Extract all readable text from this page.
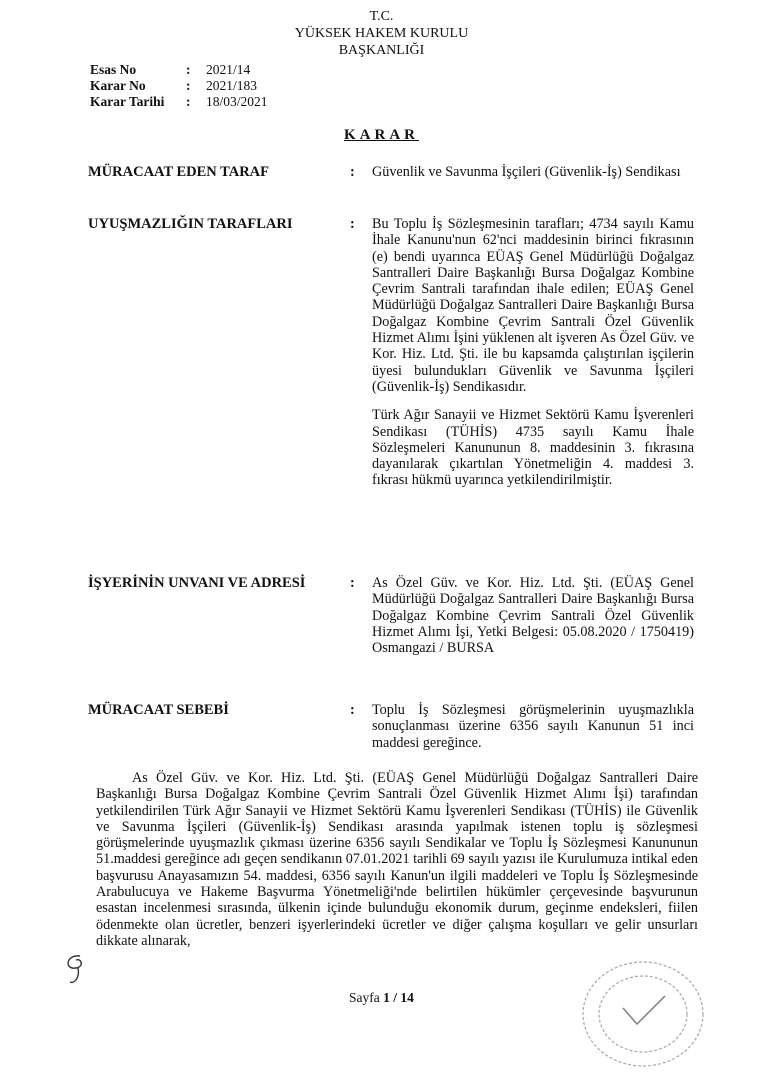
T.C.
YÜKSEK HAKEM KURULU
BAŞKANLIĞI
Esas No	:	2021/14
Karar No	:	2021/183
Karar Tarihi	:	18/03/2021
KARAR
MÜRACAAT EDEN TARAF	:	Güvenlik ve Savunma İşçileri (Güvenlik-İş) Sendikası

UYUŞMAZLIĞIN TARAFLARI	:	Bu Toplu İş Sözleşmesinin tarafları; 4734 sayılı Kamu İhale Kanunu'nun 62'nci maddesinin birinci fıkrasının (e) bendi uyarınca EÜAŞ Genel Müdürlüğü Doğalgaz Santralleri Daire Başkanlığı Bursa Doğalgaz Kombine Çevrim Santrali tarafından ihale edilen; EÜAŞ Genel Müdürlüğü Doğalgaz Santralleri Daire Başkanlığı Bursa Doğalgaz Kombine Çevrim Santrali Özel Güvenlik Hizmet Alımı İşini yüklenen alt işveren As Özel Güv. ve Kor. Hiz. Ltd. Şti. ile bu kapsamda çalıştırılan işçilerin üyesi bulundukları Güvenlik ve Savunma İşçileri (Güvenlik-İş) Sendikasıdır.

Türk Ağır Sanayii ve Hizmet Sektörü Kamu İşverenleri Sendikası (TÜHİS) 4735 sayılı Kamu İhale Sözleşmeleri Kanununun 8. maddesinin 3. fıkrasına dayanılarak çıkartılan Yönetmeliğin 4. maddesi 3. fıkrası hükmü uyarınca yetkilendirilmiştir.

İŞYERİNİN UNVANI VE ADRESİ	:	As Özel Güv. ve Kor. Hiz. Ltd. Şti. (EÜAŞ Genel Müdürlüğü Doğalgaz Santralleri Daire Başkanlığı Bursa Doğalgaz Kombine Çevrim Santrali Özel Güvenlik Hizmet Alımı İşi, Yetki Belgesi: 05.08.2020 / 1750419) Osmangazi / BURSA

MÜRACAAT SEBEBİ	:	Toplu İş Sözleşmesi görüşmelerinin uyuşmazlıkla sonuçlanması üzerine 6356 sayılı Kanunun 51 inci maddesi gereğince.

As Özel Güv. ve Kor. Hiz. Ltd. Şti. (EÜAŞ Genel Müdürlüğü Doğalgaz Santralleri Daire Başkanlığı Bursa Doğalgaz Kombine Çevrim Santrali Özel Güvenlik Hizmet Alımı İşi) tarafından yetkilendirilen Türk Ağır Sanayii ve Hizmet Sektörü Kamu İşverenleri Sendikası (TÜHİS) ile Güvenlik ve Savunma İşçileri (Güvenlik-İş) Sendikası arasında yapılmak istenen toplu iş sözleşmesi görüşmelerinde uyuşmazlık çıkması üzerine 6356 sayılı Sendikalar ve Toplu İş Sözleşmesi Kanununun 51.maddesi gereğince adı geçen sendikanın 07.01.2021 tarihli 69 sayılı yazısı ile Kurulumuza intikal eden başvurusu Anayasamızın 54. maddesi, 6356 sayılı Kanun'un ilgili maddeleri ve Toplu İş Sözleşmesinde Arabulucuya ve Hakeme Başvurma Yönetmeliği'nde belirtilen hükümler çerçevesinde başvurunun esastan incelenmesi sırasında, ülkenin içinde bulunduğu ekonomik durum, geçinme endeksleri, fiilen ödenmekte olan ücretler, benzeri işyerlerindeki ücretler ve diğer çalışma koşulları ve gelir unsurları dikkate alınarak,
Sayfa 1 / 14
